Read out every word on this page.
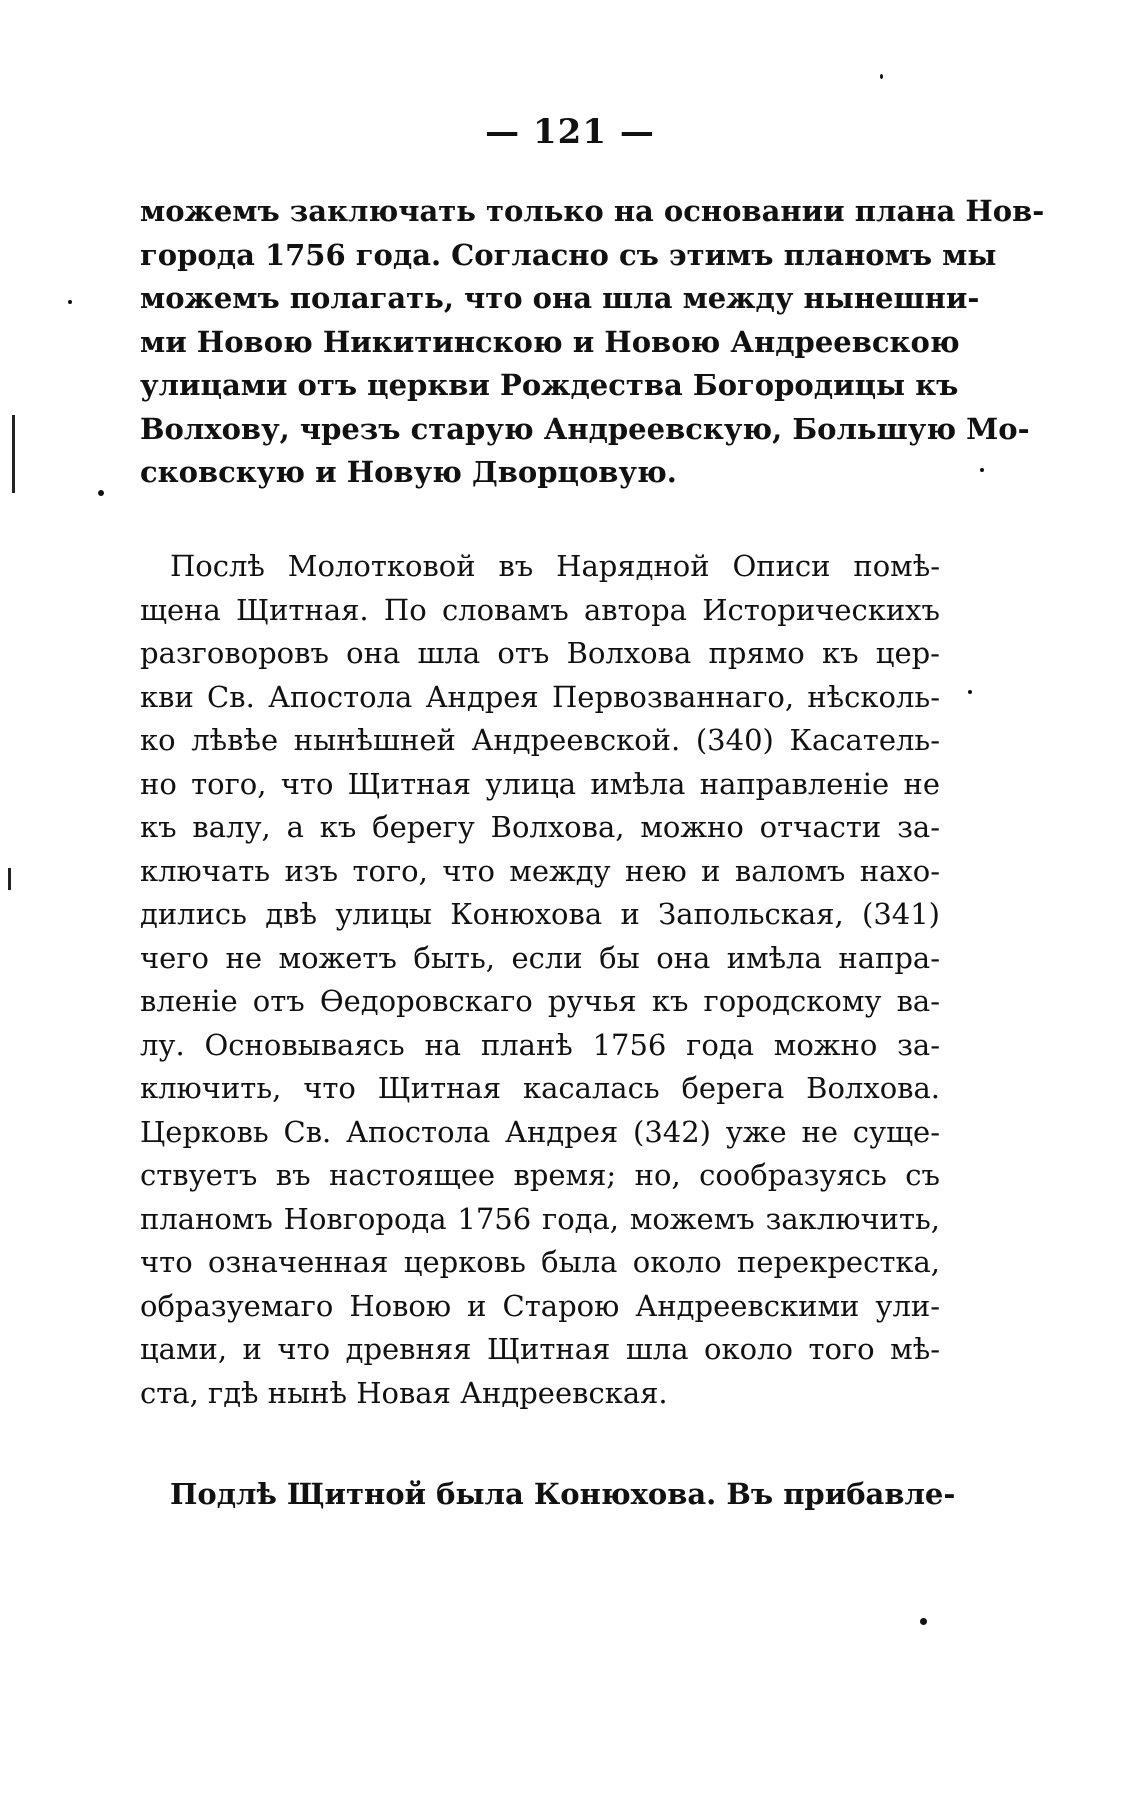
— 121 —
можемъ заключать только на основании плана Нов-
города 1756 года. Согласно съ этимъ планомъ мы
можемъ полагать, что она шла между нынешни-
ми Новою Никитинскою и Новою Андреевскою
улицами отъ церкви Рождества Богородицы къ
Волхову, чрезъ старую Андреевскую, Большую Мо-
сковскую и Новую Дворцовую.
Послѣ Молотковой въ Нарядной Описи помѣ-
щена Щитная. По словамъ автора Историческихъ
разговоровъ она шла отъ Волхова прямо къ цер-
кви Св. Апостола Андрея Первозваннаго, нѣсколь-
ко лѣвѣе нынѣшней Андреевской. (340) Касатель-
но того, что Щитная улица имѣла направленіе не
къ валу, а къ берегу Волхова, можно отчасти за-
ключать изъ того, что между нею и валомъ нахо-
дились двѣ улицы Конюхова и Запольская, (341)
чего не можетъ быть, если бы она имѣла напра-
вленіе отъ Ѳедоровскаго ручья къ городскому ва-
лу. Основываясь на планѣ 1756 года можно за-
ключить, что Щитная касалась берега Волхова.
Церковь Св. Апостола Андрея (342) уже не суще-
ствуетъ въ настоящее время; но, сообразуясь съ
планомъ Новгорода 1756 года, можемъ заключить,
что означенная церковь была около перекрестка,
образуемаго Новою и Старою Андреевскими ули-
цами, и что древняя Щитная шла около того мѣ-
ста, гдѣ нынѣ Новая Андреевская.
Подлѣ Щитной была Конюхова. Въ прибавле-
